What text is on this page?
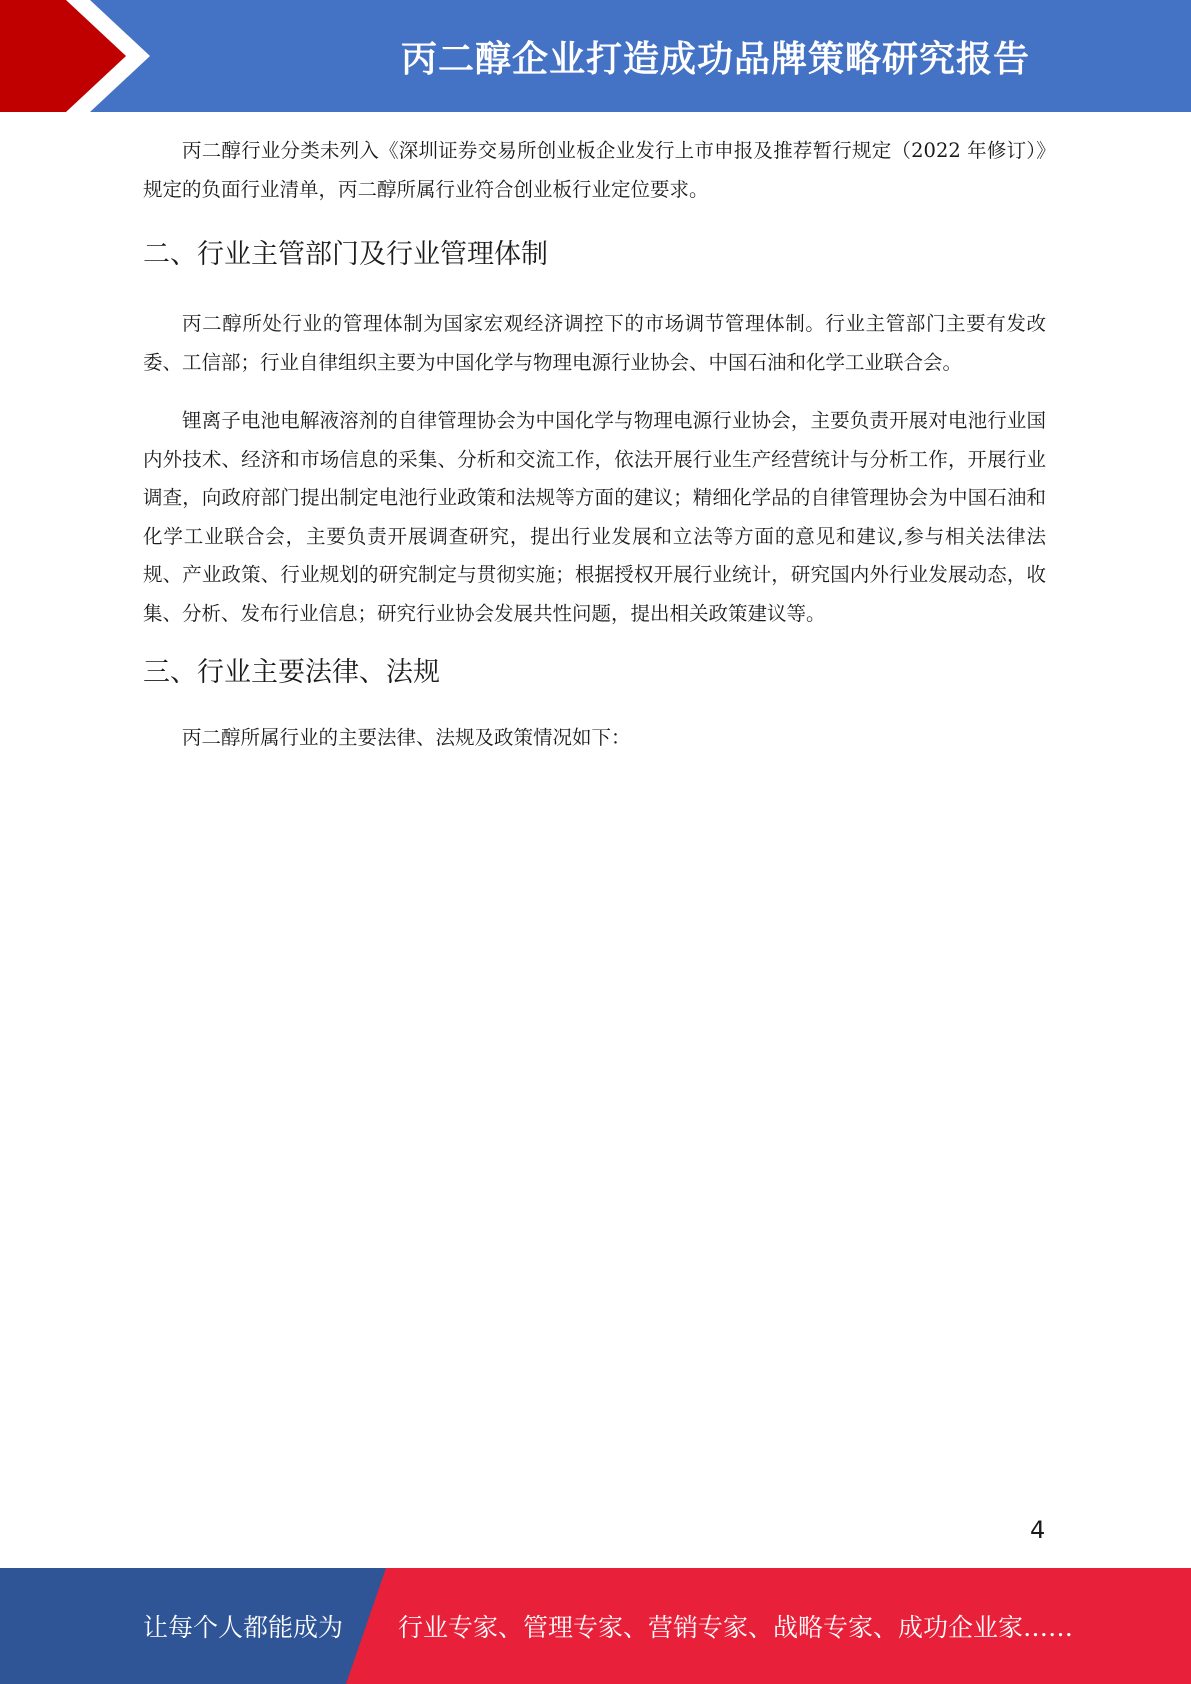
丙二醇企业打造成功品牌策略研究报告

丙二醇行业分类未列入《深圳证券交易所创业板企业发行上市申报及推荐暂行规定（2022 年修订）》规定的负面行业清单，丙二醇所属行业符合创业板行业定位要求。

二、行业主管部门及行业管理体制

丙二醇所处行业的管理体制为国家宏观经济调控下的市场调节管理体制。行业主管部门主要有发改委、工信部；行业自律组织主要为中国化学与物理电源行业协会、中国石油和化学工业联合会。

锂离子电池电解液溶剂的自律管理协会为中国化学与物理电源行业协会，主要负责开展对电池行业国内外技术、经济和市场信息的采集、分析和交流工作，依法开展行业生产经营统计与分析工作，开展行业调查，向政府部门提出制定电池行业政策和法规等方面的建议；精细化学品的自律管理协会为中国石油和化学工业联合会，主要负责开展调查研究，提出行业发展和立法等方面的意见和建议,参与相关法律法规、产业政策、行业规划的研究制定与贯彻实施；根据授权开展行业统计，研究国内外行业发展动态，收集、分析、发布行业信息；研究行业协会发展共性问题，提出相关政策建议等。

三、行业主要法律、法规

丙二醇所属行业的主要法律、法规及政策情况如下：

4
让每个人都能成为 行业专家、管理专家、营销专家、战略专家、成功企业家……
